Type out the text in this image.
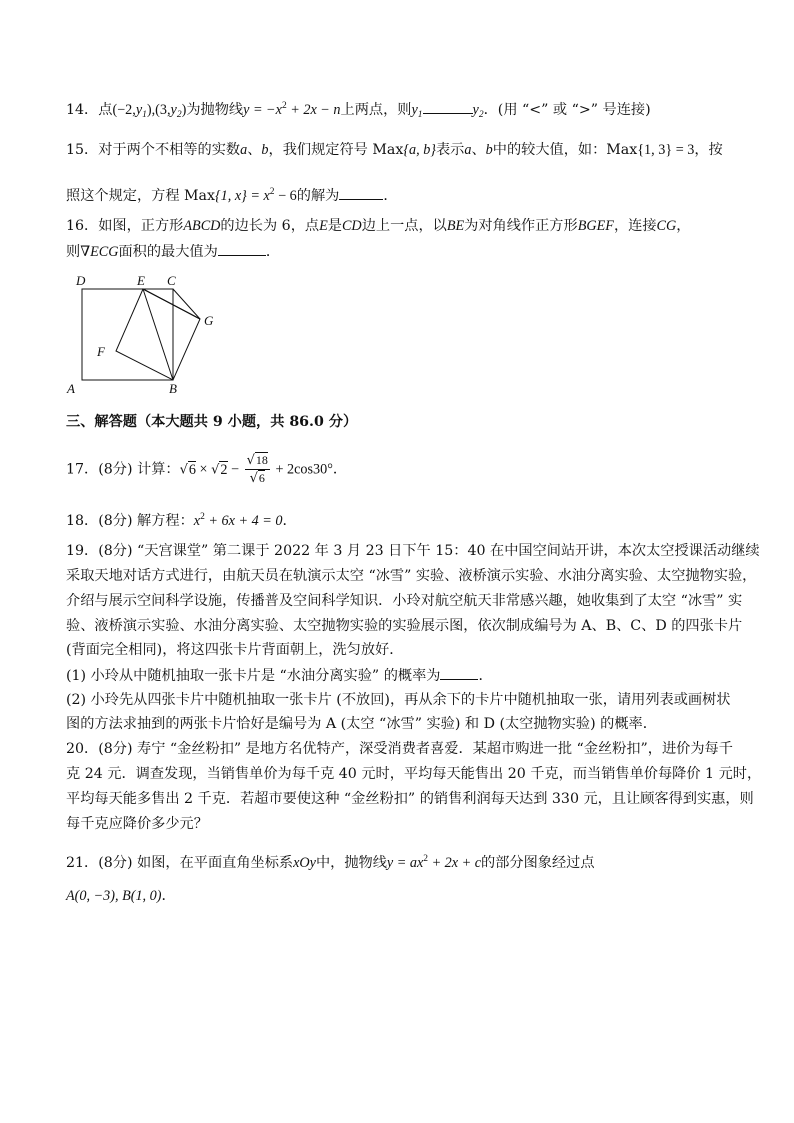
14．点$(-2,y_1),(3,y_2)$为抛物线$y = -x^2 + 2x - n$上两点，则$y_1$	$y_2$．(用 “<” 或 “>” 号连接)
15．对于两个不相等的实数a、b，我们规定符号 Max{a, b}表示a、b中的较大值，如：Max{1, 3} = 3，按
照这个规定，方程 Max{1, $x\} = x^2 - 6$的解为	．
16．如图，正方形ABCD的边长为 6，点E是CD边上一点，以BE为对角线作正方形BGEF，连接CG，
则∇ECG面积的最大值为	．
D	E C
G
F
A	B
三、解答题（本大题共 9 小题，共 86.0 分）
17．(8分) 计算：$√6 \times √2 - \frac{√18}{√6} + 2\cos 30^\circ$．
18．(8分) 解方程：$x^2 + 6x + 4 = 0$．
19．(8分) “天宫课堂” 第二课于 2022 年 3 月 23 日下午 15：40 在中国空间站开讲，本次太空授课活动继续
采取天地对话方式进行，由航天员在轨演示太空 “冰雪” 实验、液桥演示实验、水油分离实验、太空抛物实验，
介绍与展示空间科学设施，传播普及空间科学知识．小玲对航空航天非常感兴趣，她收集到了太空 “冰雪” 实
验、液桥演示实验、水油分离实验、太空抛物实验的实验展示图，依次制成编号为 A、B、C、D 的四张卡片
(背面完全相同)，将这四张卡片背面朝上，洗匀放好．
(1) 小玲从中随机抽取一张卡片是 “水油分离实验” 的概率为	．
(2) 小玲先从四张卡片中随机抽取一张卡片 (不放回)，再从余下的卡片中随机抽取一张，请用列表或画树状
图的方法求抽到的两张卡片恰好是编号为 A (太空 “冰雪” 实验) 和 D (太空抛物实验) 的概率．
20．(8分) 寿宁 “金丝粉扣” 是地方名优特产，深受消费者喜爱．某超市购进一批 “金丝粉扣”，进价为每千
克 24 元．调查发现，当销售单价为每千克 40 元时，平均每天能售出 20 千克，而当销售单价每降价 1 元时，
平均每天能多售出 2 千克．若超市要使这种 “金丝粉扣” 的销售利润每天达到 330 元，且让顾客得到实惠，则
每千克应降价多少元？
21．(8分) 如图，在平面直角坐标系xOy中，抛物线$y = ax^2 + 2x + c$的部分图象经过点
A(0, −3), B(1, 0)．
